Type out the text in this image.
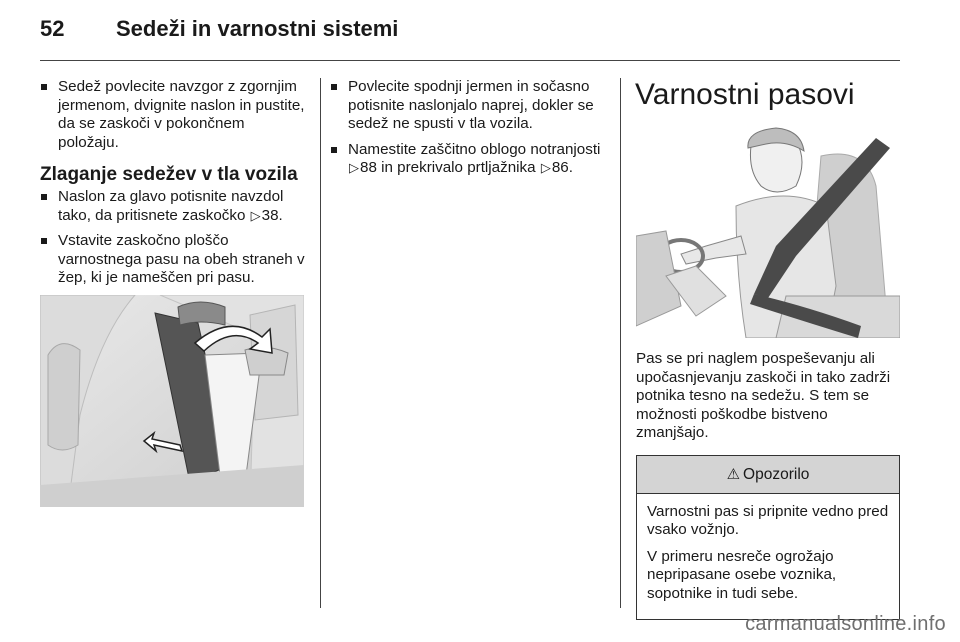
52 Sedeži in varnostni sistemi

Sedež povlecite navzgor z zgornjim jermenom, dvignite naslon in pustite, da se zaskoči v pokončnem položaju.

Zlaganje sedežev v tla vozila

Naslon za glavo potisnite navzdol tako, da pritisnete zaskočko ▷38.

Vstavite zaskočno ploščo varnostnega pasu na obeh straneh v žep, ki je nameščen pri pasu.

Povlecite spodnji jermen in sočasno potisnite naslonjalo naprej, dokler se sedež ne spusti v tla vozila.

Namestite zaščitno oblogo notranjosti ▷88 in prekrivalo prtljažnika ▷86.

Varnostni pasovi

Pas se pri naglem pospeševanju ali upočasnjevanju zaskoči in tako zadrži potnika tesno na sedežu. S tem se možnosti poškodbe bistveno zmanjšajo.

⚠ Opozorilo

Varnostni pas si pripnite vedno pred vsako vožnjo.

V primeru nesreče ogrožajo nepripasane osebe voznika, sopotnike in tudi sebe.

carmanualsonline.info
